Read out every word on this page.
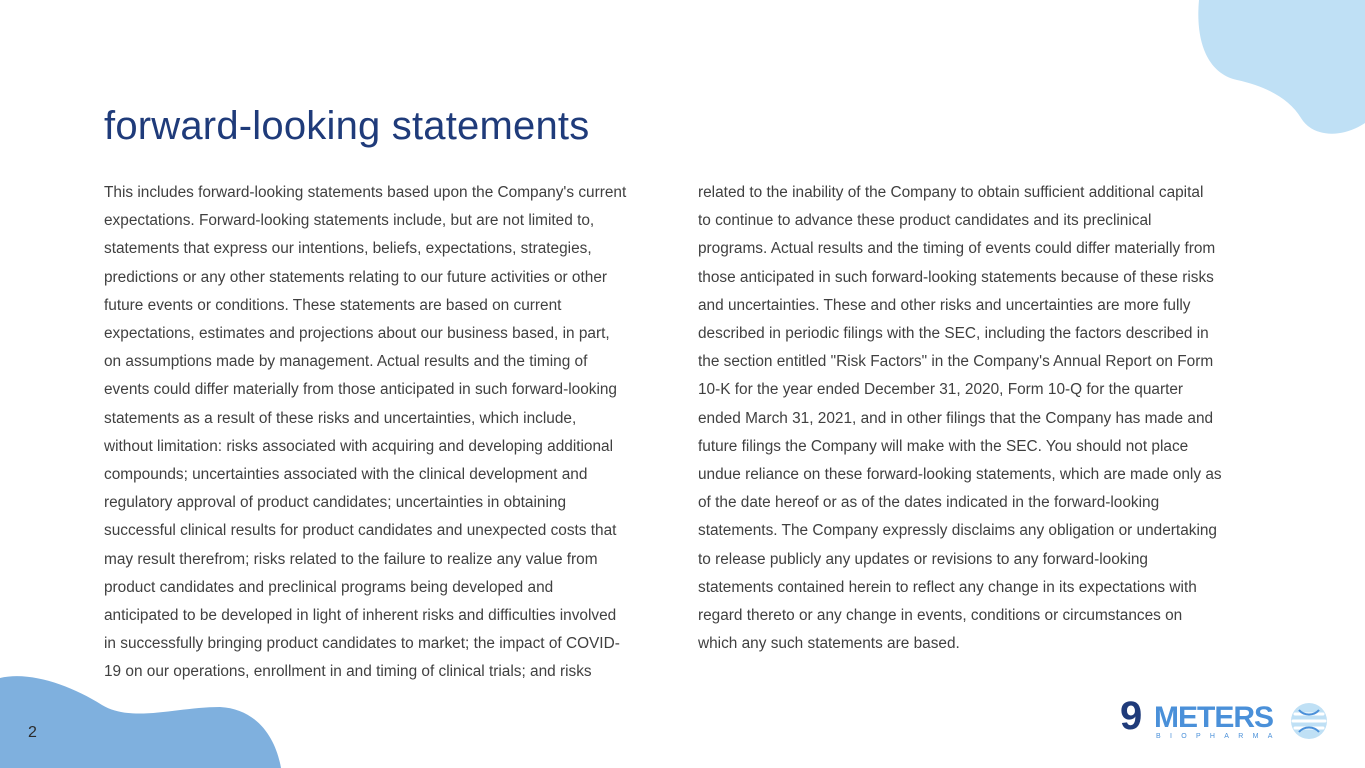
forward-looking statements
This includes forward-looking statements based upon the Company's current
expectations. Forward-looking statements include, but are not limited to,
statements that express our intentions, beliefs, expectations, strategies,
predictions or any other statements relating to our future activities or other
future events or conditions. These statements are based on current
expectations, estimates and projections about our business based, in part,
on assumptions made by management. Actual results and the timing of
events could differ materially from those anticipated in such forward-looking
statements as a result of these risks and uncertainties, which include,
without limitation: risks associated with acquiring and developing additional
compounds; uncertainties associated with the clinical development and
regulatory approval of product candidates; uncertainties in obtaining
successful clinical results for product candidates and unexpected costs that
may result therefrom; risks related to the failure to realize any value from
product candidates and preclinical programs being developed and
anticipated to be developed in light of inherent risks and difficulties involved
in successfully bringing product candidates to market; the impact of COVID-
19 on our operations, enrollment in and timing of clinical trials; and risks
related to the inability of the Company to obtain sufficient additional capital
to continue to advance these product candidates and its preclinical
programs. Actual results and the timing of events could differ materially from
those anticipated in such forward-looking statements because of these risks
and uncertainties. These and other risks and uncertainties are more fully
described in periodic filings with the SEC, including the factors described in
the section entitled "Risk Factors" in the Company's Annual Report on Form
10-K for the year ended December 31, 2020, Form 10-Q for the quarter
ended March 31, 2021, and in other filings that the Company has made and
future filings the Company will make with the SEC. You should not place
undue reliance on these forward-looking statements, which are made only as
of the date hereof or as of the dates indicated in the forward-looking
statements. The Company expressly disclaims any obligation or undertaking
to release publicly any updates or revisions to any forward-looking
statements contained herein to reflect any change in its expectations with
regard thereto or any change in events, conditions or circumstances on
which any such statements are based.
2	9 METERS
BIOPHARMA
